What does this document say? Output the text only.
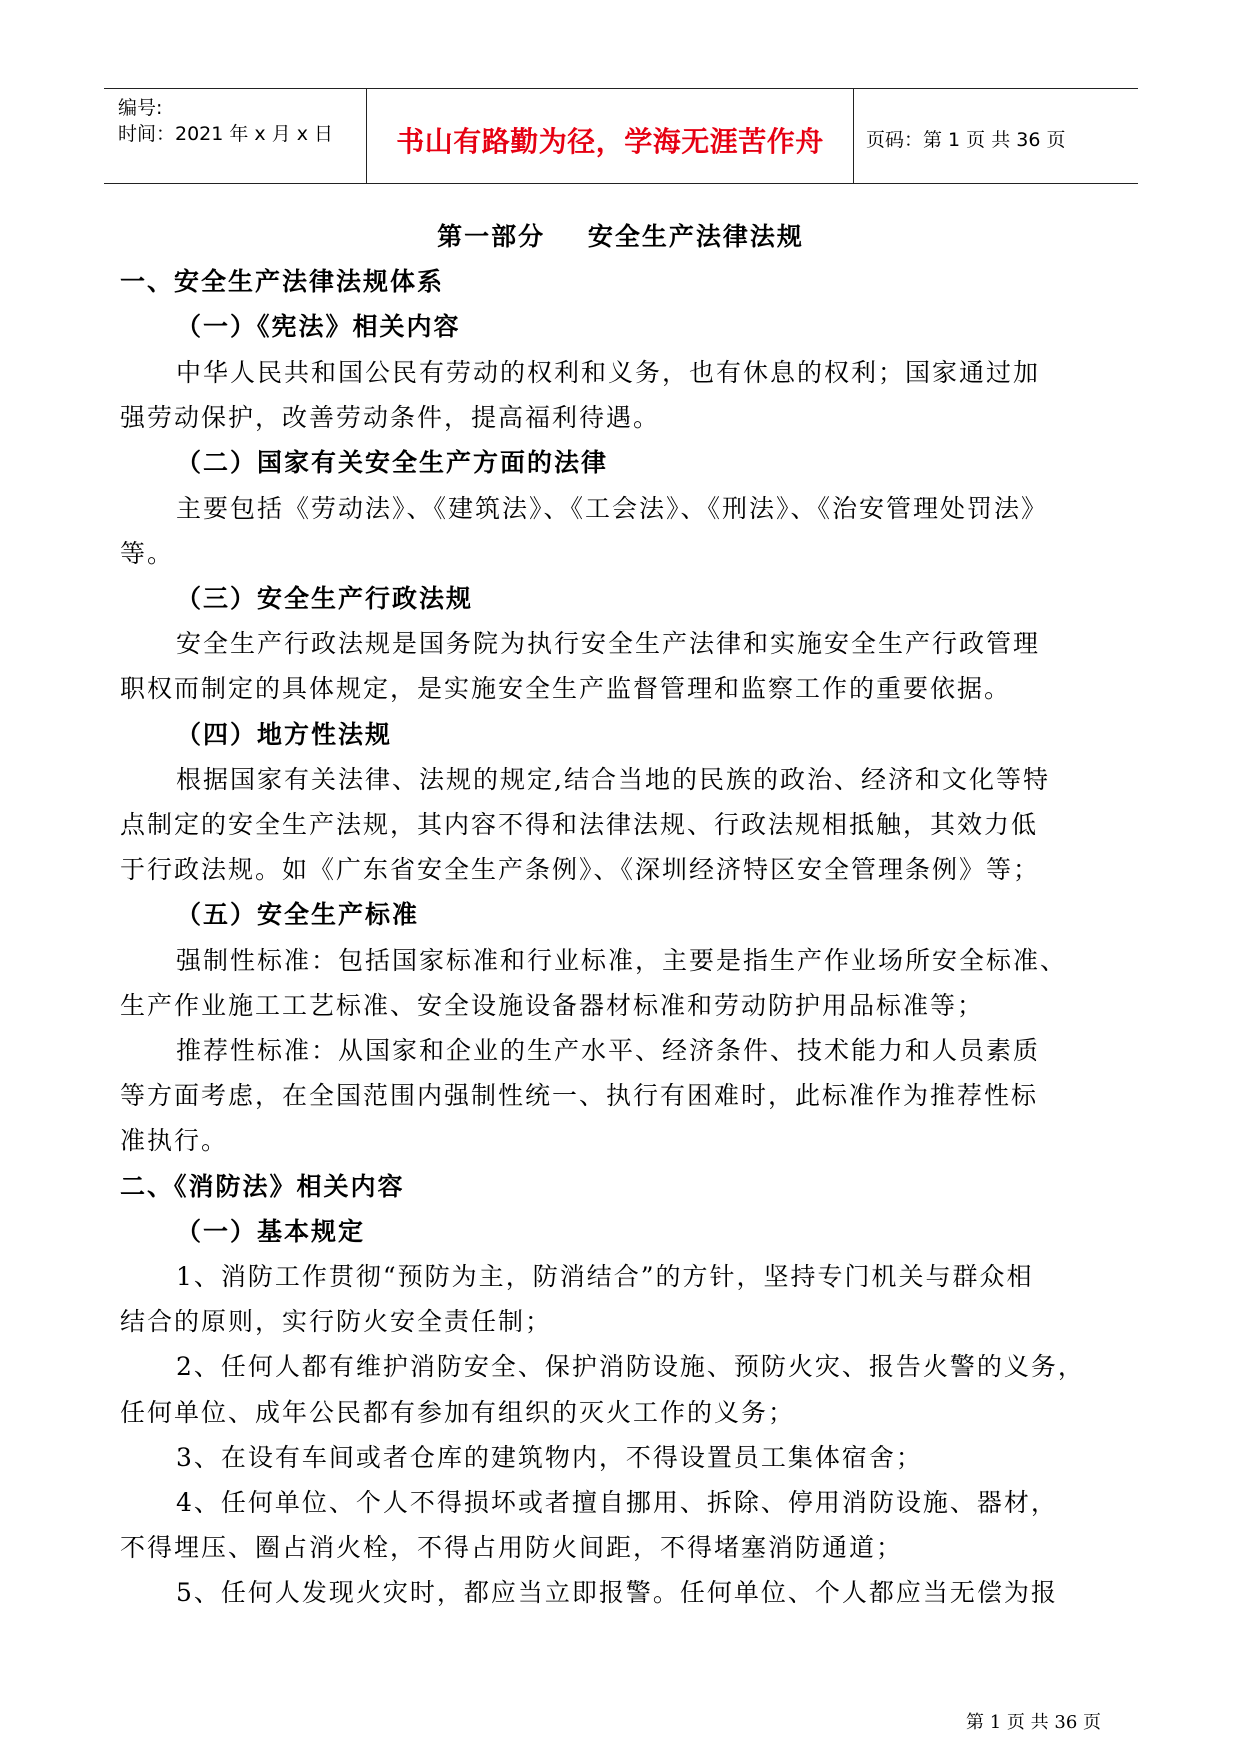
编号:
时间：2021 年 x 月 x 日	书山有路勤为径，学海无涯苦作舟	页码：第 1 页 共 36 页
第一部分    安全生产法律法规
一、安全生产法律法规体系
（一）《宪法》相关内容
中华人民共和国公民有劳动的权利和义务，也有休息的权利；国家通过加
强劳动保护，改善劳动条件，提高福利待遇。
（二）国家有关安全生产方面的法律
主要包括《劳动法》、《建筑法》、《工会法》、《刑法》、《治安管理处罚法》
等。
（三）安全生产行政法规
安全生产行政法规是国务院为执行安全生产法律和实施安全生产行政管理
职权而制定的具体规定，是实施安全生产监督管理和监察工作的重要依据。
（四）地方性法规
根据国家有关法律、法规的规定,结合当地的民族的政治、经济和文化等特
点制定的安全生产法规，其内容不得和法律法规、行政法规相抵触，其效力低
于行政法规。如《广东省安全生产条例》、《深圳经济特区安全管理条例》等；
（五）安全生产标准
强制性标准：包括国家标准和行业标准，主要是指生产作业场所安全标准、
生产作业施工工艺标准、安全设施设备器材标准和劳动防护用品标准等；
推荐性标准：从国家和企业的生产水平、经济条件、技术能力和人员素质
等方面考虑，在全国范围内强制性统一、执行有困难时，此标准作为推荐性标
准执行。
二、《消防法》相关内容
（一）基本规定
1、消防工作贯彻“预防为主，防消结合”的方针，坚持专门机关与群众相
结合的原则，实行防火安全责任制；
2、任何人都有维护消防安全、保护消防设施、预防火灾、报告火警的义务，
任何单位、成年公民都有参加有组织的灭火工作的义务；
3、在设有车间或者仓库的建筑物内，不得设置员工集体宿舍；
4、任何单位、个人不得损坏或者擅自挪用、拆除、停用消防设施、器材，
不得埋压、圈占消火栓，不得占用防火间距，不得堵塞消防通道；
5、任何人发现火灾时，都应当立即报警。任何单位、个人都应当无偿为报
第 1 页 共 36 页
